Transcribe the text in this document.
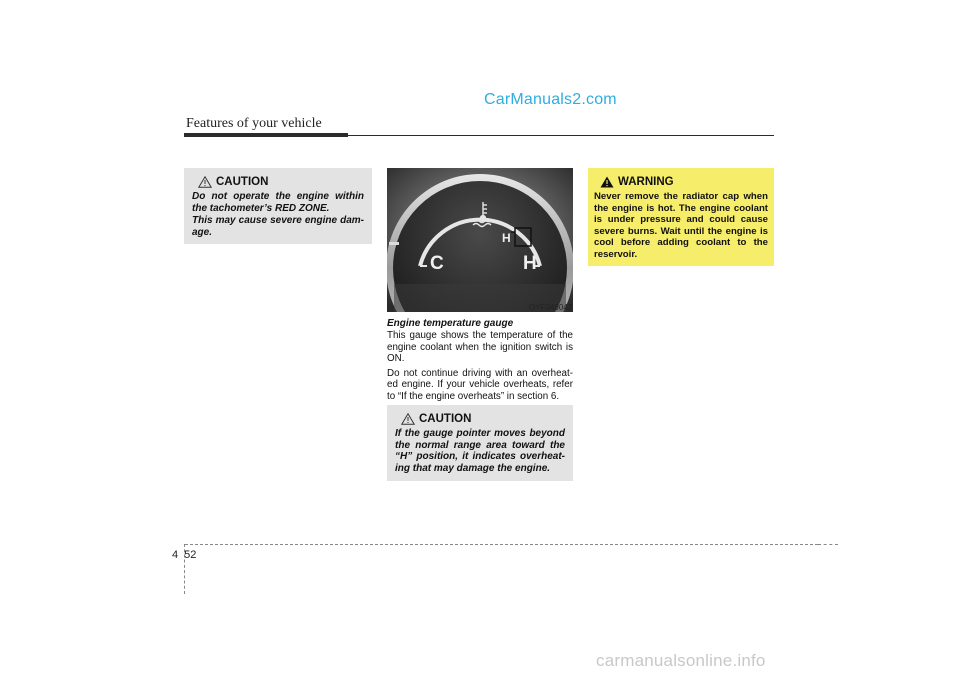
CarManuals2.com
Features of your vehicle
CAUTION

Do not operate the engine within the tachometer’s RED ZONE.

This may cause severe engine dam-age.

C	H
H
OYF049047
Engine temperature gauge

This gauge shows the temperature of the engine coolant when the ignition switch is ON.

Do not continue driving with an overheat-ed engine. If your vehicle overheats, refer to “If the engine overheats” in section 6.

CAUTION

If the gauge pointer moves beyond the normal range area toward the “H” position, it indicates overheat-ing that may damage the engine.

WARNING

Never remove the radiator cap when the engine is hot. The engine coolant is under pressure and could cause severe burns. Wait until the engine is cool before adding coolant to the reservoir.

4 52
carmanualsonline.info
